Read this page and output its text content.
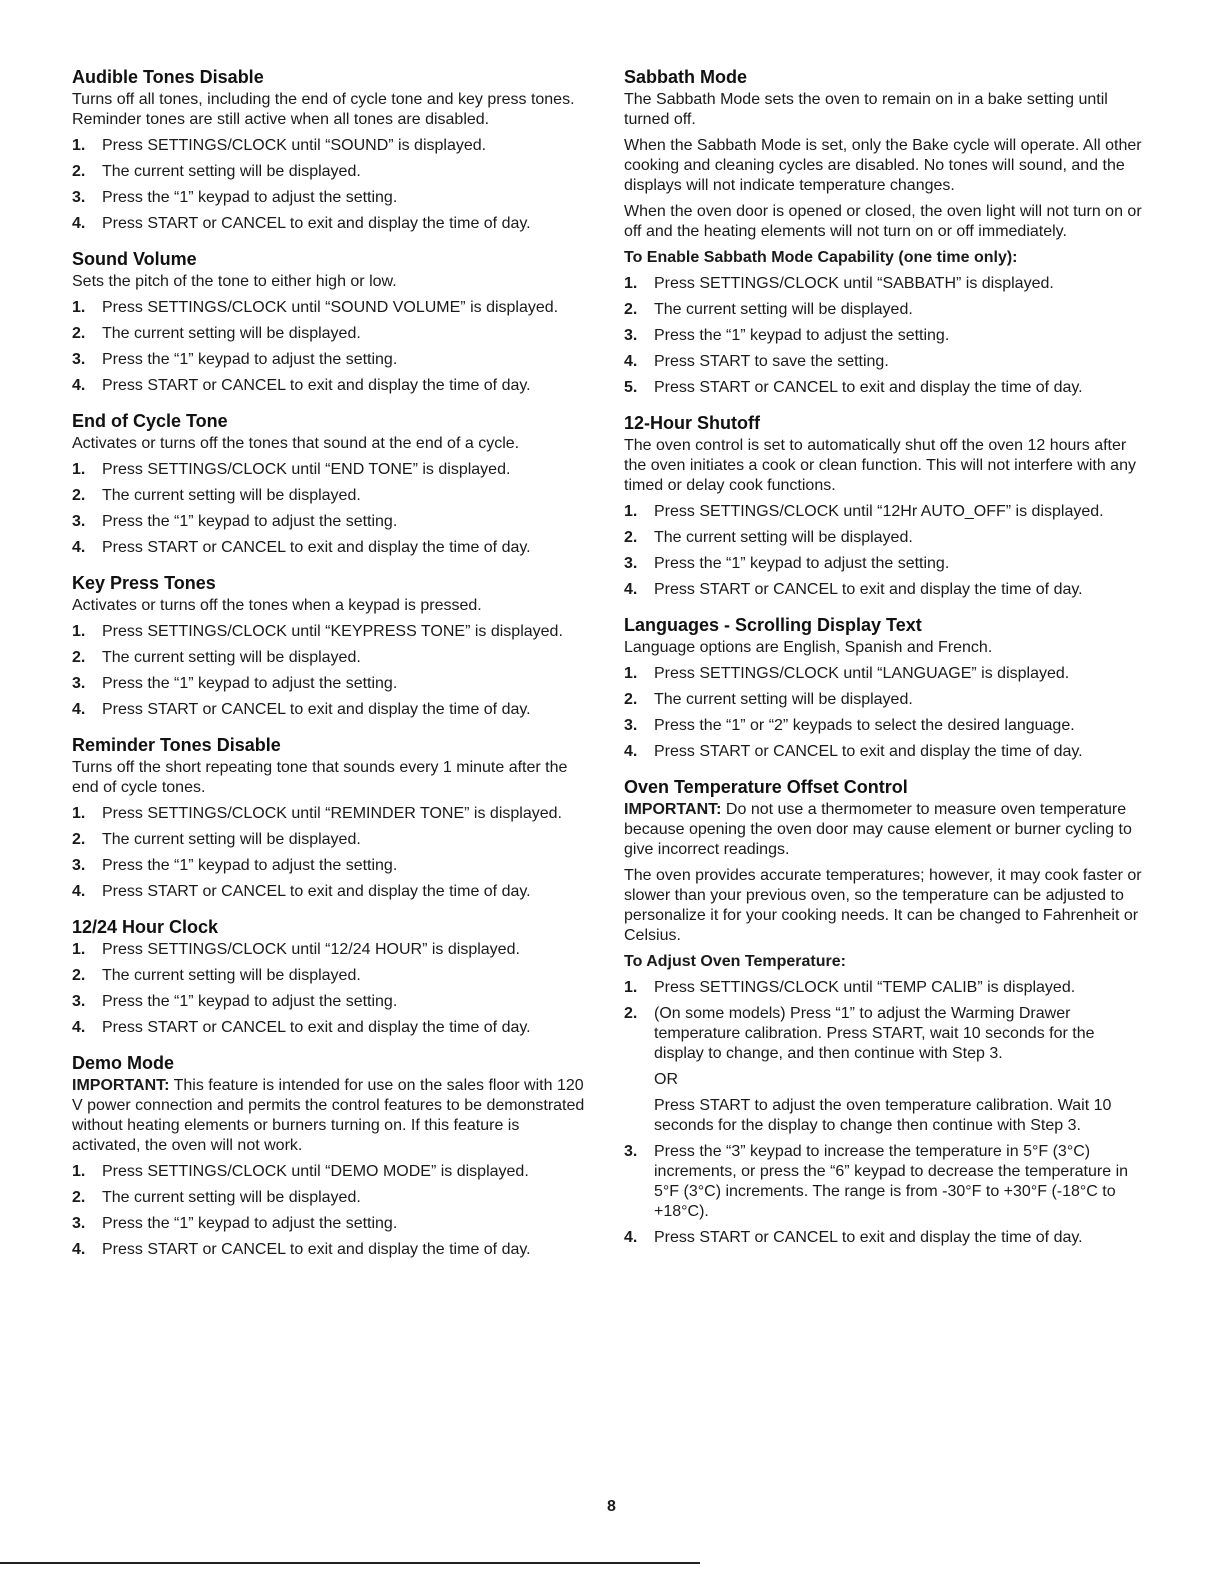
Audible Tones Disable

Turns off all tones, including the end of cycle tone and key press tones. Reminder tones are still active when all tones are disabled.

1. Press SETTINGS/CLOCK until “SOUND” is displayed.
2. The current setting will be displayed.
3. Press the “1” keypad to adjust the setting.
4. Press START or CANCEL to exit and display the time of day.
Sound Volume

Sets the pitch of the tone to either high or low.

1. Press SETTINGS/CLOCK until “SOUND VOLUME” is displayed.
2. The current setting will be displayed.
3. Press the “1” keypad to adjust the setting.
4. Press START or CANCEL to exit and display the time of day.
End of Cycle Tone

Activates or turns off the tones that sound at the end of a cycle.

1. Press SETTINGS/CLOCK until “END TONE” is displayed.
2. The current setting will be displayed.
3. Press the “1” keypad to adjust the setting.
4. Press START or CANCEL to exit and display the time of day.
Key Press Tones

Activates or turns off the tones when a keypad is pressed.

1. Press SETTINGS/CLOCK until “KEYPRESS TONE” is displayed.
2. The current setting will be displayed.
3. Press the “1” keypad to adjust the setting.
4. Press START or CANCEL to exit and display the time of day.
Reminder Tones Disable

Turns off the short repeating tone that sounds every 1 minute after the end of cycle tones.

1. Press SETTINGS/CLOCK until “REMINDER TONE” is displayed.
2. The current setting will be displayed.
3. Press the “1” keypad to adjust the setting.
4. Press START or CANCEL to exit and display the time of day.
12/24 Hour Clock
1. Press SETTINGS/CLOCK until “12/24 HOUR” is displayed.
2. The current setting will be displayed.
3. Press the “1” keypad to adjust the setting.
4. Press START or CANCEL to exit and display the time of day.
Demo Mode

IMPORTANT: This feature is intended for use on the sales floor with 120 V power connection and permits the control features to be demonstrated without heating elements or burners turning on. If this feature is activated, the oven will not work.

1. Press SETTINGS/CLOCK until “DEMO MODE” is displayed.
2. The current setting will be displayed.
3. Press the “1” keypad to adjust the setting.
4. Press START or CANCEL to exit and display the time of day.
Sabbath Mode

The Sabbath Mode sets the oven to remain on in a bake setting until turned off.

When the Sabbath Mode is set, only the Bake cycle will operate. All other cooking and cleaning cycles are disabled. No tones will sound, and the displays will not indicate temperature changes.

When the oven door is opened or closed, the oven light will not turn on or off and the heating elements will not turn on or off immediately.

To Enable Sabbath Mode Capability (one time only):
1. Press SETTINGS/CLOCK until “SABBATH” is displayed.
2. The current setting will be displayed.
3. Press the “1” keypad to adjust the setting.
4. Press START to save the setting.
5. Press START or CANCEL to exit and display the time of day.
12-Hour Shutoff

The oven control is set to automatically shut off the oven 12 hours after the oven initiates a cook or clean function. This will not interfere with any timed or delay cook functions.

1. Press SETTINGS/CLOCK until “12Hr AUTO_OFF” is displayed.
2. The current setting will be displayed.
3. Press the “1” keypad to adjust the setting.
4. Press START or CANCEL to exit and display the time of day.
Languages - Scrolling Display Text

Language options are English, Spanish and French.

1. Press SETTINGS/CLOCK until “LANGUAGE” is displayed.
2. The current setting will be displayed.
3. Press the “1” or “2” keypads to select the desired language.
4. Press START or CANCEL to exit and display the time of day.
Oven Temperature Offset Control

IMPORTANT: Do not use a thermometer to measure oven temperature because opening the oven door may cause element or burner cycling to give incorrect readings.

The oven provides accurate temperatures; however, it may cook faster or slower than your previous oven, so the temperature can be adjusted to personalize it for your cooking needs. It can be changed to Fahrenheit or Celsius.

To Adjust Oven Temperature:
1. Press SETTINGS/CLOCK until “TEMP CALIB” is displayed.
2. (On some models) Press “1” to adjust the Warming Drawer temperature calibration. Press START, wait 10 seconds for the display to change, and then continue with Step 3.
OR
Press START to adjust the oven temperature calibration. Wait 10 seconds for the display to change then continue with Step 3.
3. Press the “3” keypad to increase the temperature in 5°F (3°C) increments, or press the “6” keypad to decrease the temperature in 5°F (3°C) increments. The range is from -30°F to +30°F (-18°C to +18°C).
4. Press START or CANCEL to exit and display the time of day.
8
